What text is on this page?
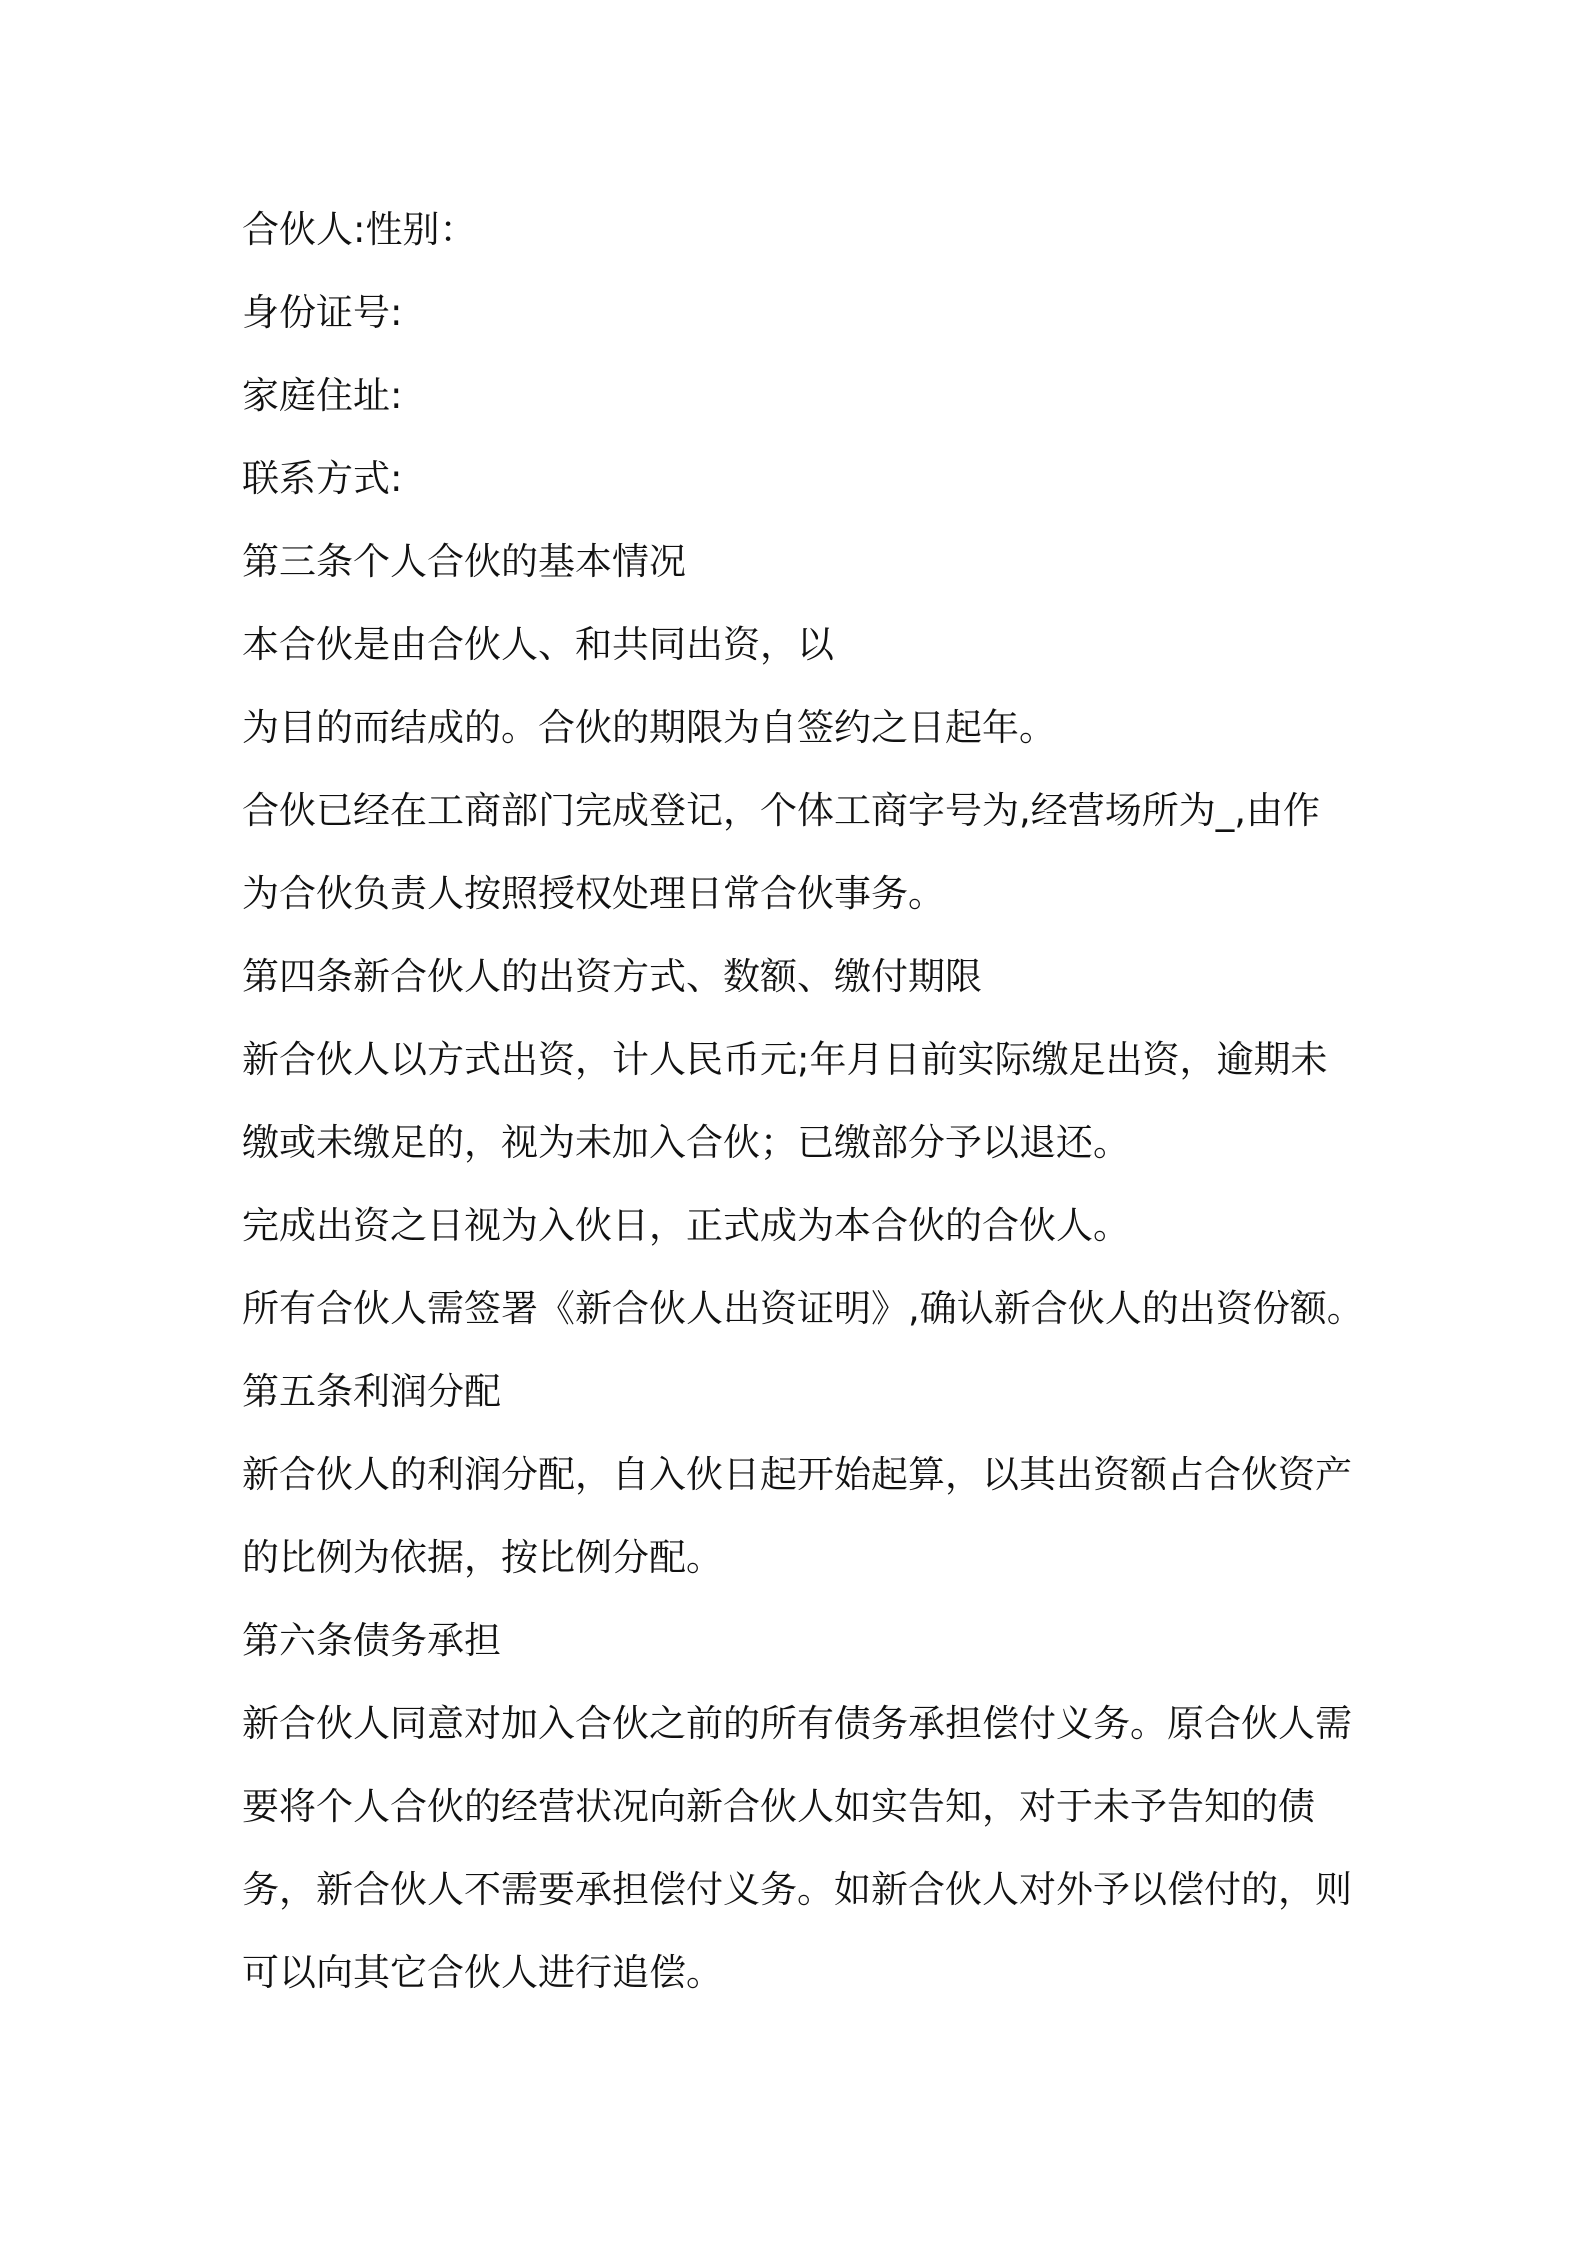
合伙人:性别：
身份证号:
家庭住址:
联系方式:
第三条个人合伙的基本情况
本合伙是由合伙人、和共同出资，以
为目的而结成的。合伙的期限为自签约之日起年。
合伙已经在工商部门完成登记，个体工商字号为,经营场所为_,由作
为合伙负责人按照授权处理日常合伙事务。
第四条新合伙人的出资方式、数额、缴付期限
新合伙人以方式出资，计人民币元;年月日前实际缴足出资，逾期未
缴或未缴足的，视为未加入合伙；已缴部分予以退还。
完成出资之日视为入伙日，正式成为本合伙的合伙人。
所有合伙人需签署《新合伙人出资证明》,确认新合伙人的出资份额。
第五条利润分配
新合伙人的利润分配，自入伙日起开始起算，以其出资额占合伙资产
的比例为依据，按比例分配。
第六条债务承担
新合伙人同意对加入合伙之前的所有债务承担偿付义务。原合伙人需
要将个人合伙的经营状况向新合伙人如实告知，对于未予告知的债
务，新合伙人不需要承担偿付义务。如新合伙人对外予以偿付的，则
可以向其它合伙人进行追偿。
